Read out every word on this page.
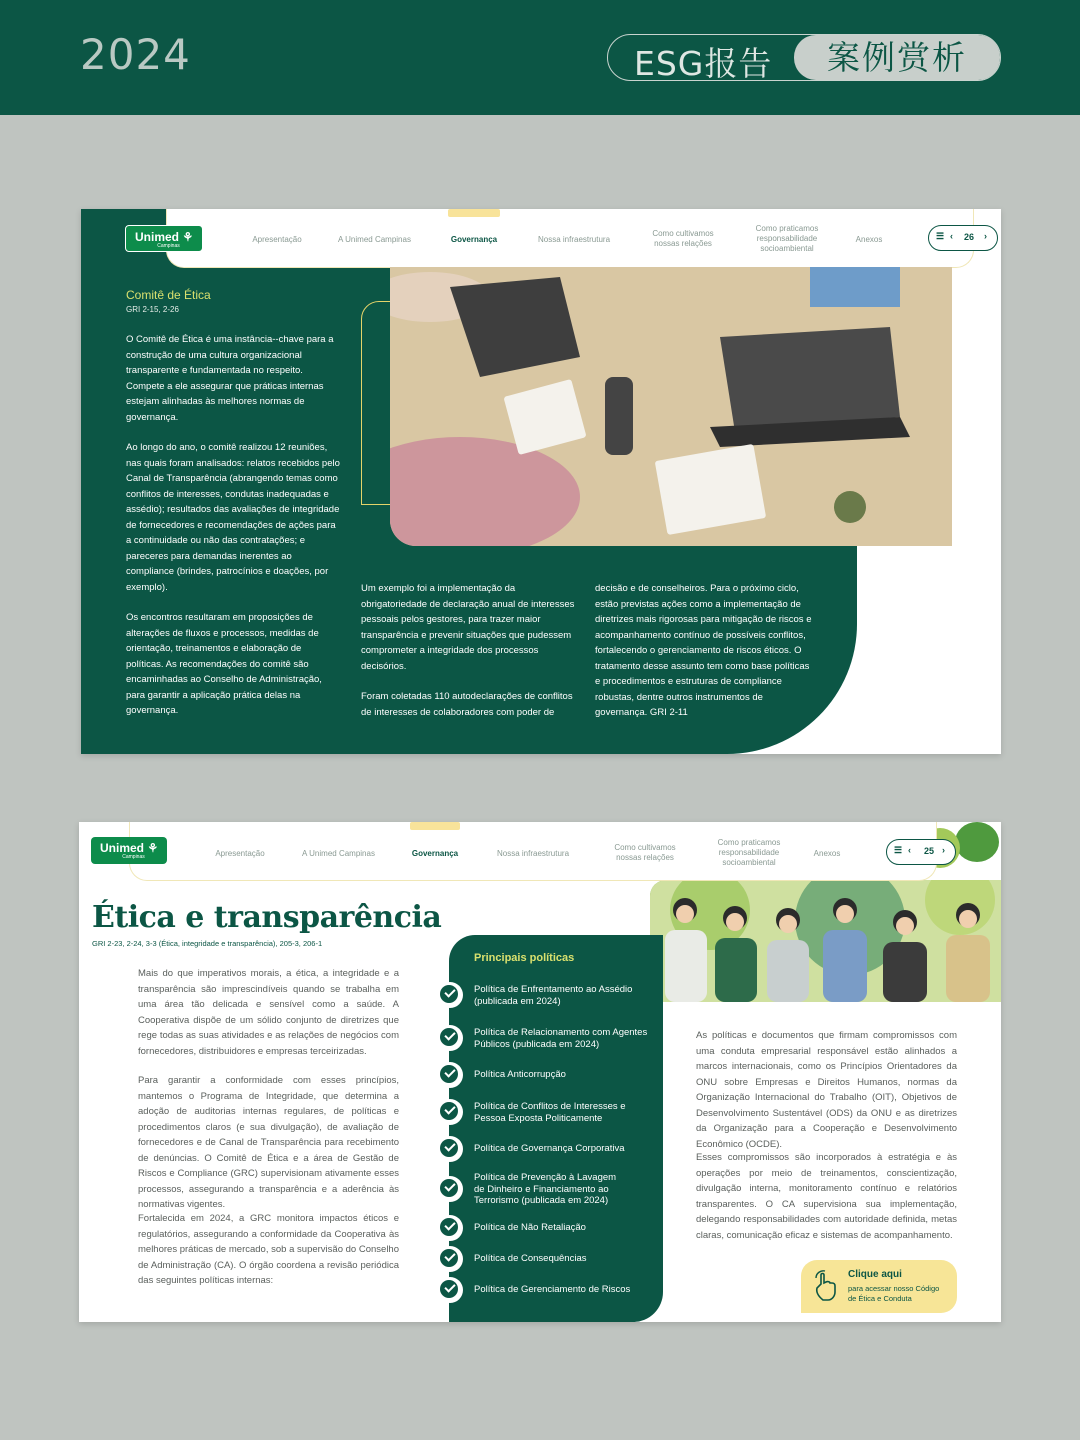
2024	ESG报告	案例赏析
Apresentação	A Unimed Campinas	Governança	Nossa infraestrutura
Como cultivamos nossas relações
Como praticamos responsabilidade socioambiental
Anexos
Unimed ⚘
Campinas
☰ ‹ 26 ›
Comitê de Ética
GRI 2-15, 2-26
O Comitê de Ética é uma instância--chave para a construção de uma cultura organizacional transparente e fundamentada no respeito. Compete a ele assegurar que práticas internas estejam alinhadas às melhores normas de governança.
Ao longo do ano, o comitê realizou 12 reuniões, nas quais foram analisados: relatos recebidos pelo Canal de Transparência (abrangendo temas como conflitos de interesses, condutas inadequadas e assédio); resultados das avaliações de integridade de fornecedores e recomendações de ações para a continuidade ou não das contratações; e pareceres para demandas inerentes ao compliance (brindes, patrocínios e doações, por exemplo).
Os encontros resultaram em proposições de alterações de fluxos e processos, medidas de orientação, treinamentos e elaboração de políticas. As recomendações do comitê são encaminhadas ao Conselho de Administração, para garantir a aplicação prática delas na governança.
Um exemplo foi a implementação da obrigatoriedade de declaração anual de interesses pessoais pelos gestores, para trazer maior transparência e prevenir situações que pudessem comprometer a integridade dos processos decisórios.
Foram coletadas 110 autodeclarações de conflitos de interesses de colaboradores com poder de
decisão e de conselheiros. Para o próximo ciclo, estão previstas ações como a implementação de diretrizes mais rigorosas para mitigação de riscos e acompanhamento contínuo de possíveis conflitos, fortalecendo o gerenciamento de riscos éticos. O tratamento desse assunto tem como base políticas e procedimentos e estruturas de compliance robustas, dentre outros instrumentos de governança. GRI 2-11
Apresentação	A Unimed Campinas	Governança	Nossa infraestrutura
Como cultivamos nossas relações
Como praticamos responsabilidade socioambiental
Anexos
Unimed ⚘
Campinas
☰ ‹ 25 ›
Ética e transparência
GRI 2-23, 2-24, 3-3 (Ética, integridade e transparência), 205-3, 206-1
Mais do que imperativos morais, a ética, a integridade e a transparência são imprescindíveis quando se trabalha em uma área tão delicada e sensível como a saúde. A Cooperativa dispõe de um sólido conjunto de diretrizes que rege todas as suas atividades e as relações de negócios com fornecedores, distribuidores e empresas terceirizadas.
Para garantir a conformidade com esses princípios, mantemos o Programa de Integridade, que determina a adoção de auditorias internas regulares, de políticas e procedimentos claros (e sua divulgação), de avaliação de fornecedores e de Canal de Transparência para recebimento de denúncias. O Comitê de Ética e a área de Gestão de Riscos e Compliance (GRC) supervisionam ativamente esses processos, assegurando a transparência e a aderência às normativas vigentes.
Fortalecida em 2024, a GRC monitora impactos éticos e regulatórios, assegurando a conformidade da Cooperativa às melhores práticas de mercado, sob a supervisão do Conselho de Administração (CA). O órgão coordena a revisão periódica das seguintes políticas internas:
Principais políticas
Política de Enfrentamento ao Assédio (publicada em 2024)
Política de Relacionamento com Agentes Públicos (publicada em 2024)
Política Anticorrupção
Política de Conflitos de Interesses e Pessoa Exposta Politicamente
Política de Governança Corporativa
Política de Prevenção à Lavagem de Dinheiro e Financiamento ao Terrorismo (publicada em 2024)
Política de Não Retaliação
Política de Consequências
Política de Gerenciamento de Riscos
As políticas e documentos que firmam compromissos com uma conduta empresarial responsável estão alinhados a marcos internacionais, como os Princípios Orientadores da ONU sobre Empresas e Direitos Humanos, normas da Organização Internacional do Trabalho (OIT), Objetivos de Desenvolvimento Sustentável (ODS) da ONU e as diretrizes da Organização para a Cooperação e Desenvolvimento Econômico (OCDE).
Esses compromissos são incorporados à estratégia e às operações por meio de treinamentos, conscientização, divulgação interna, monitoramento contínuo e relatórios transparentes. O CA supervisiona sua implementação, delegando responsabilidades com autoridade definida, metas claras, comunicação eficaz e sistemas de acompanhamento.
Clique aqui
para acessar nosso Código de Ética e Conduta
